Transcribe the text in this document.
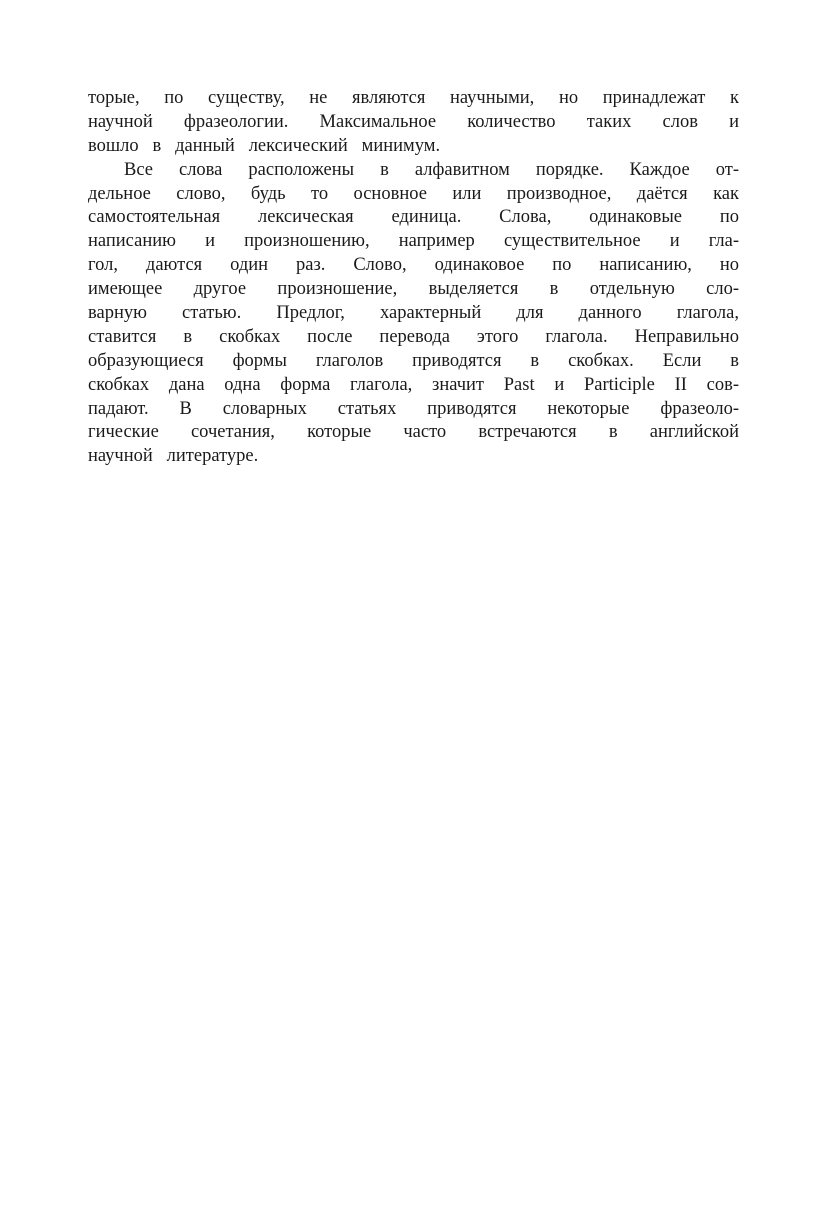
торые, по существу, не являются научными, но принадлежат к
научной фразеологии. Максимальное количество таких слов и
вошло в данный лексический минимум.
Все слова расположены в алфавитном порядке. Каждое от-
дельное слово, будь то основное или производное, даётся как
самостоятельная лексическая единица. Слова, одинаковые по
написанию и произношению, например существительное и гла-
гол, даются один раз. Слово, одинаковое по написанию, но
имеющее другое произношение, выделяется в отдельную сло-
варную статью. Предлог, характерный для данного глагола,
ставится в скобках после перевода этого глагола. Неправильно
образующиеся формы глаголов приводятся в скобках. Если в
скобках дана одна форма глагола, значит Past и Participle II сов-
падают. В словарных статьях приводятся некоторые фразеоло-
гические сочетания, которые часто встречаются в английской
научной литературе.
